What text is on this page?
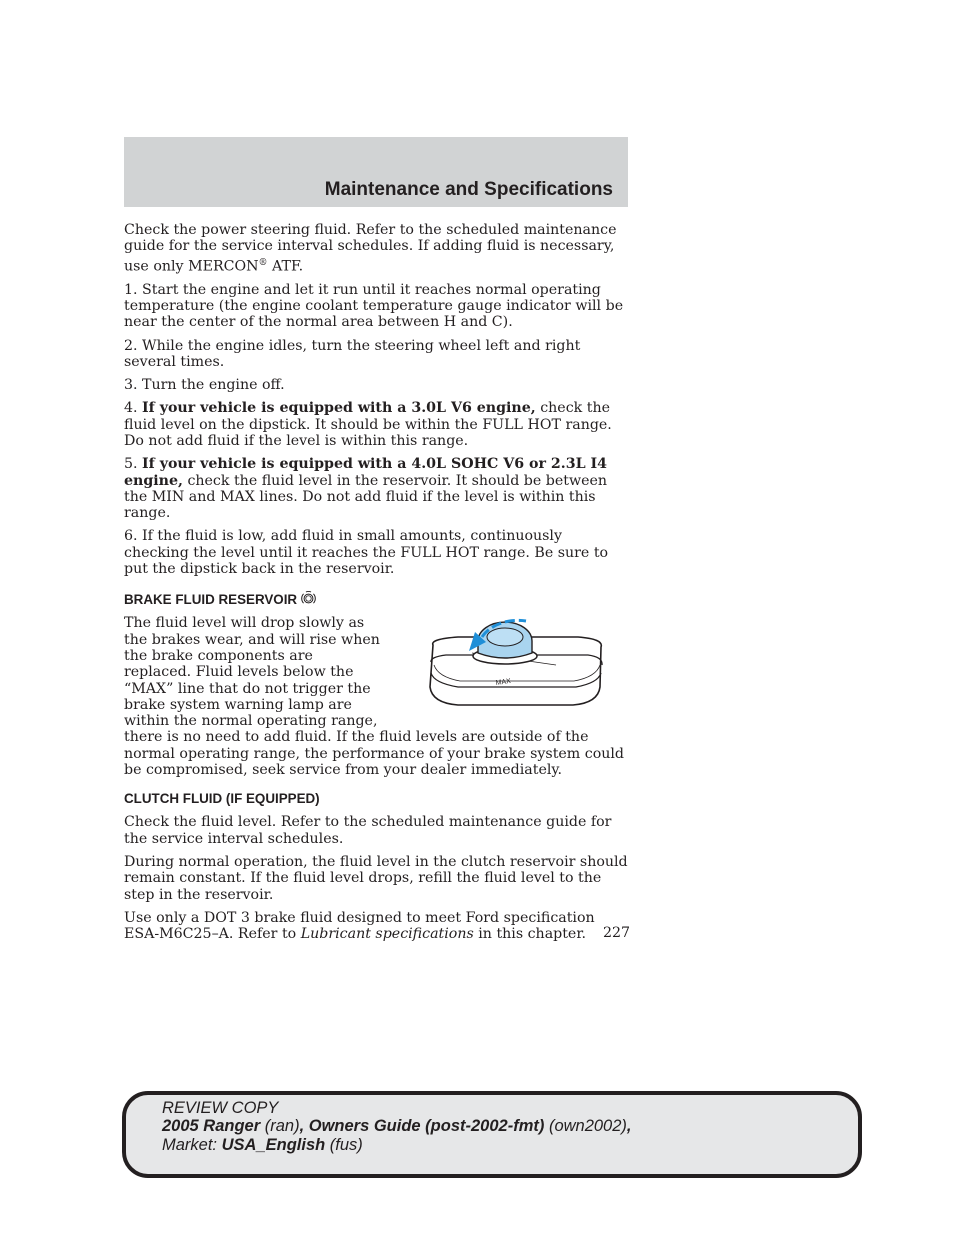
Maintenance and Specifications

Check the power steering fluid. Refer to the scheduled maintenance guide for the service interval schedules. If adding fluid is necessary, use only MERCON® ATF.

1. Start the engine and let it run until it reaches normal operating temperature (the engine coolant temperature gauge indicator will be near the center of the normal area between H and C).

2. While the engine idles, turn the steering wheel left and right several times.

3. Turn the engine off.

4. If your vehicle is equipped with a 3.0L V6 engine, check the fluid level on the dipstick. It should be within the FULL HOT range. Do not add fluid if the level is within this range.

5. If your vehicle is equipped with a 4.0L SOHC V6 or 2.3L I4 engine, check the fluid level in the reservoir. It should be between the MIN and MAX lines. Do not add fluid if the level is within this range.

6. If the fluid is low, add fluid in small amounts, continuously checking the level until it reaches the FULL HOT range. Be sure to put the dipstick back in the reservoir.

BRAKE FLUID RESERVOIR
MAX

The fluid level will drop slowly as the brakes wear, and will rise when the brake components are replaced. Fluid levels below the “MAX” line that do not trigger the brake system warning lamp are within the normal operating range, there is no need to add fluid. If the fluid levels are outside of the normal operating range, the performance of your brake system could be compromised, seek service from your dealer immediately.

CLUTCH FLUID (IF EQUIPPED)

Check the fluid level. Refer to the scheduled maintenance guide for the service interval schedules.

During normal operation, the fluid level in the clutch reservoir should remain constant. If the fluid level drops, refill the fluid level to the step in the reservoir.

Use only a DOT 3 brake fluid designed to meet Ford specification ESA-M6C25–A. Refer to Lubricant specifications in this chapter.	227
REVIEW COPY
2005 Ranger (ran), Owners Guide (post-2002-fmt) (own2002),
Market: USA_English (fus)
